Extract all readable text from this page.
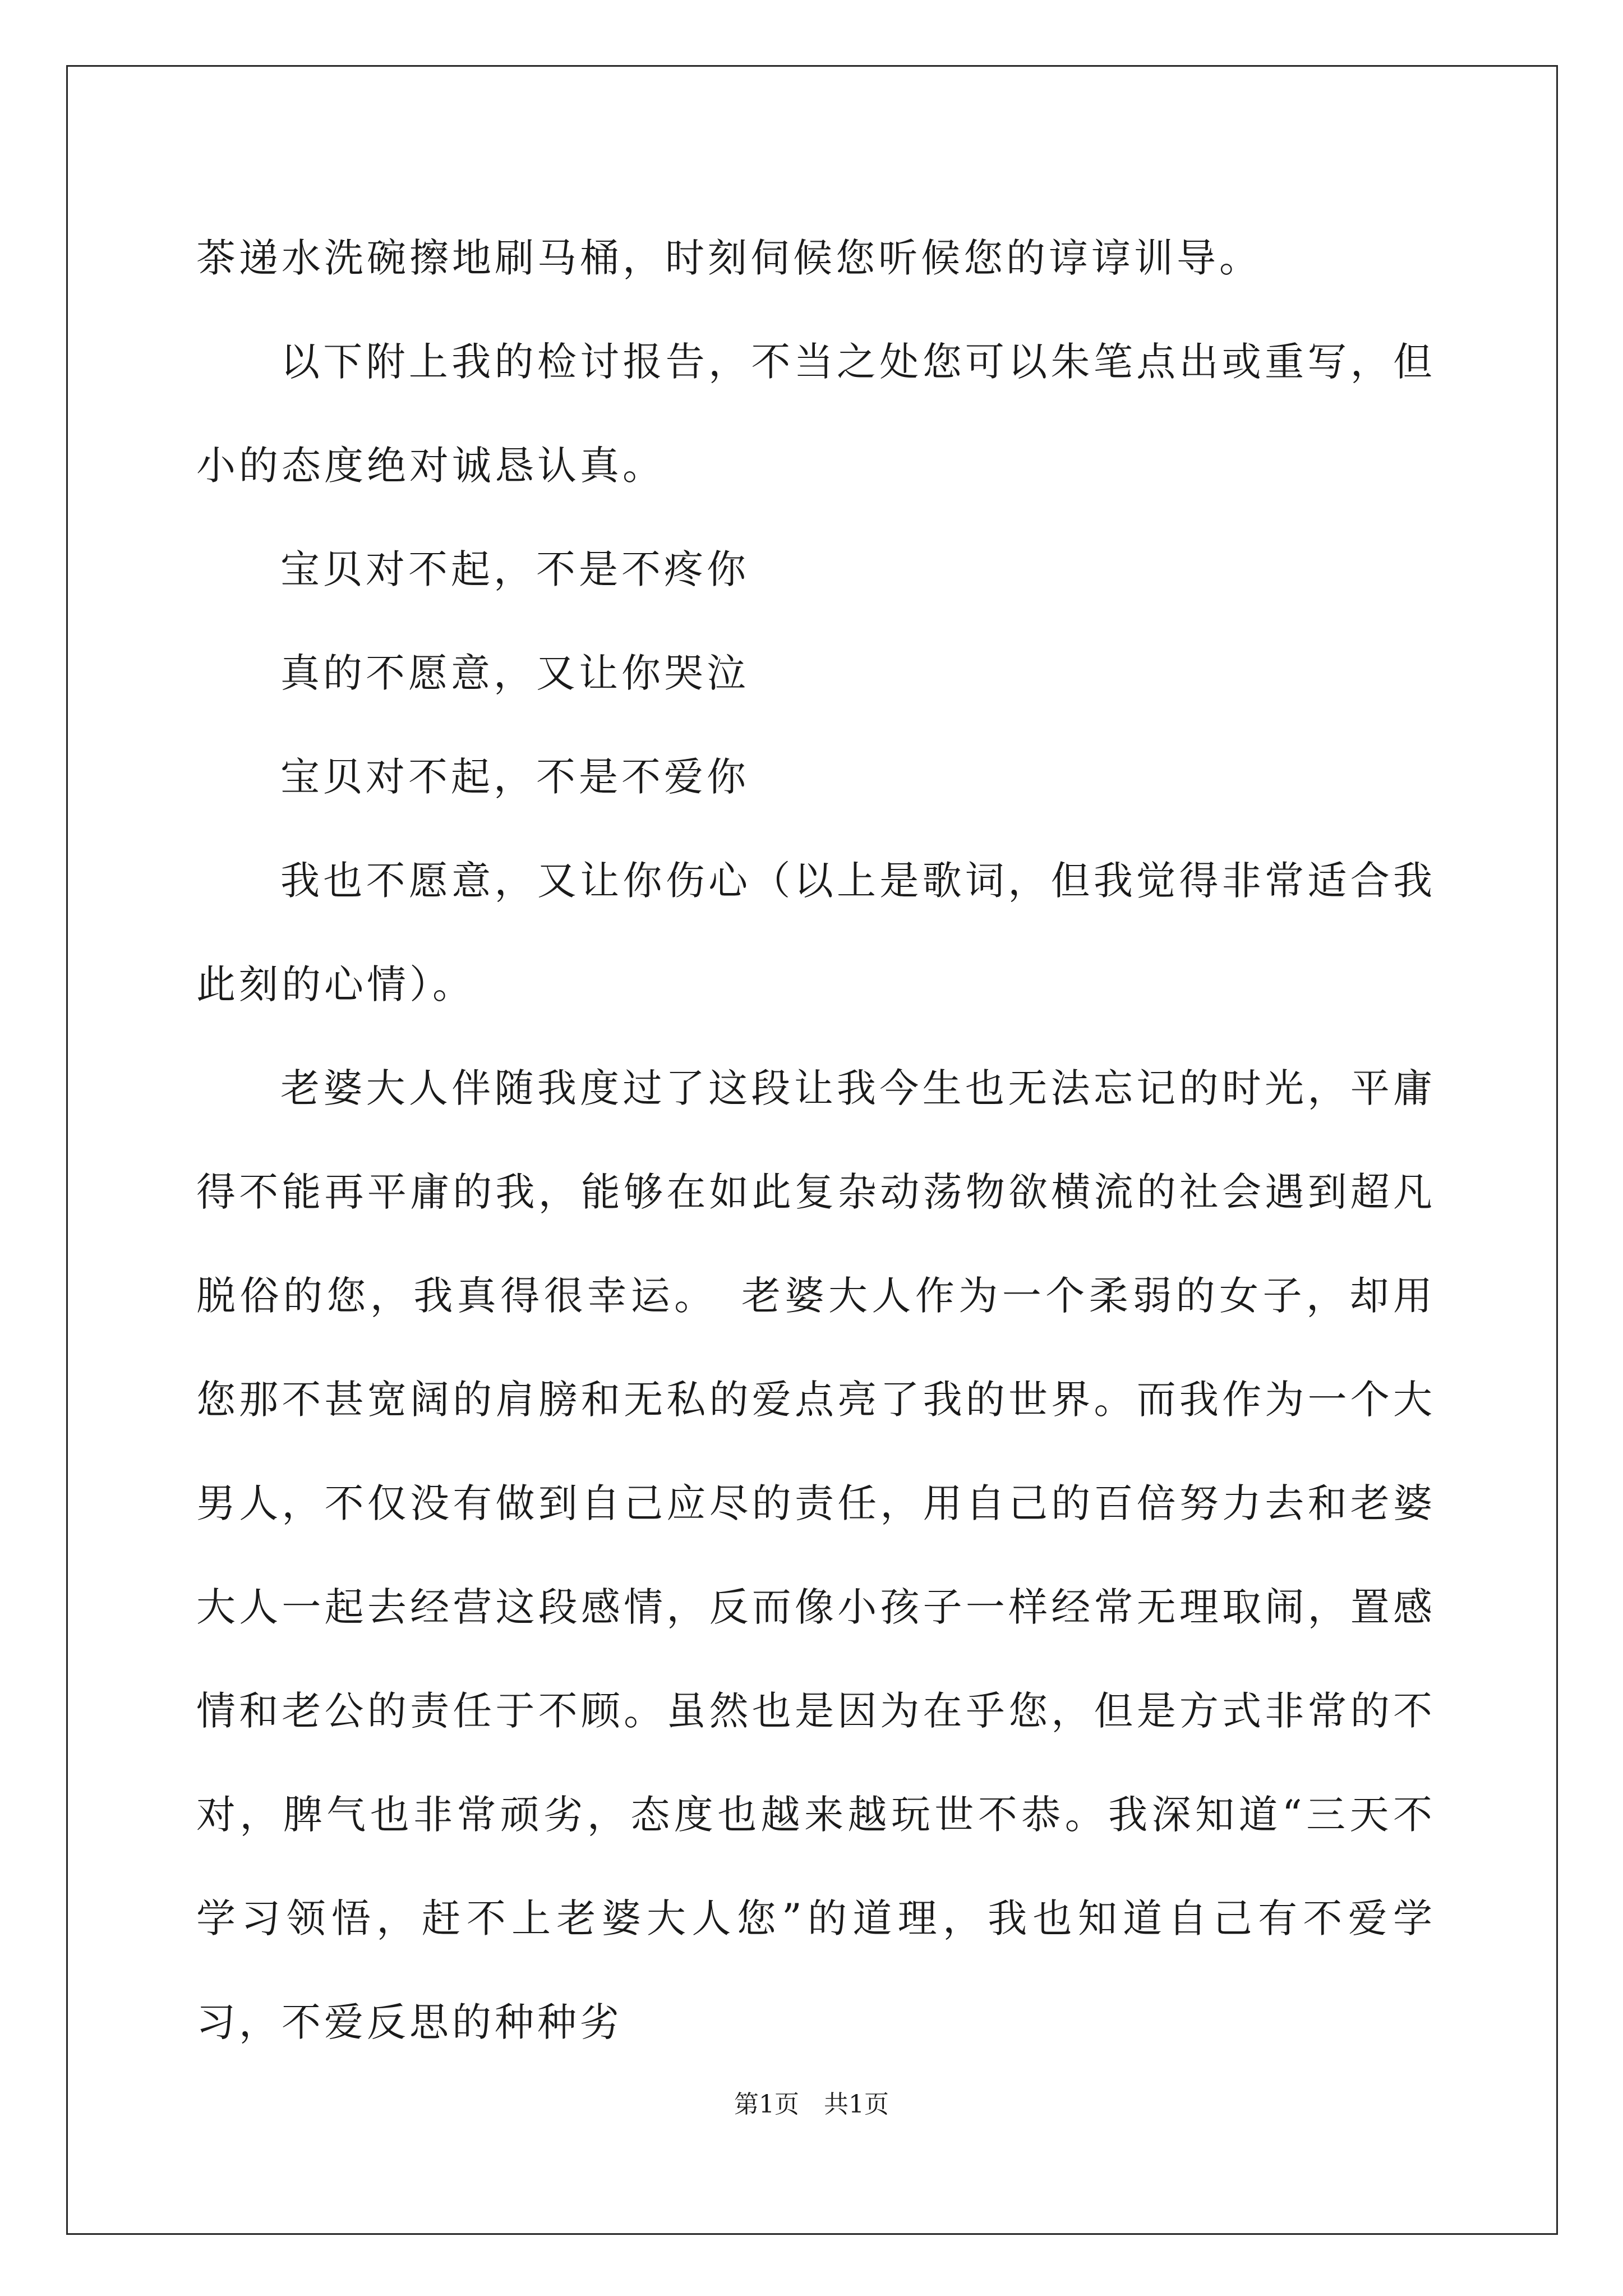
茶递水洗碗擦地刷马桶，时刻伺候您听候您的谆谆训导。

以下附上我的检讨报告，不当之处您可以朱笔点出或重写，但小的态度绝对诚恳认真。

宝贝对不起，不是不疼你

真的不愿意，又让你哭泣

宝贝对不起，不是不爱你

我也不愿意，又让你伤心（以上是歌词，但我觉得非常适合我此刻的心情）。

老婆大人伴随我度过了这段让我今生也无法忘记的时光，平庸得不能再平庸的我，能够在如此复杂动荡物欲横流的社会遇到超凡脱俗的您，我真得很幸运。　老婆大人作为一个柔弱的女子，却用您那不甚宽阔的肩膀和无私的爱点亮了我的世界。而我作为一个大男人，不仅没有做到自己应尽的责任，用自己的百倍努力去和老婆大人一起去经营这段感情，反而像小孩子一样经常无理取闹，置感情和老公的责任于不顾。虽然也是因为在乎您，但是方式非常的不对，脾气也非常顽劣，态度也越来越玩世不恭。我深知道“三天不学习领悟，赶不上老婆大人您”的道理，我也知道自己有不爱学习，不爱反思的种种劣

第1页　共1页
